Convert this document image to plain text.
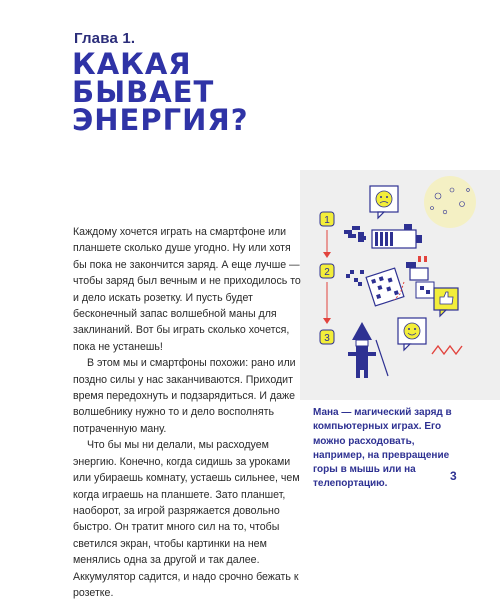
Глава 1.
КАКАЯ
БЫВАЕТ
ЭНЕРГИЯ?
1
2
3

Каждому хочется играть на смартфоне или планшете сколько душе угодно. Ну или хотя бы пока не закончится заряд. А еще лучше — чтобы заряд был вечным и не приходилось то и дело искать розетку. И пусть будет бесконечный запас волшебной маны для заклинаний. Вот бы играть сколько хочется, пока не устанешь!

В этом мы и смартфоны похожи: рано или поздно силы у нас заканчиваются. Приходит время передохнуть и подзарядиться. И даже волшебнику нужно то и дело восполнять потраченную ману.

Что бы мы ни делали, мы расходуем энергию. Конечно, когда сидишь за уроками или убираешь комнату, устаешь сильнее, чем когда играешь на планшете. Зато планшет, наоборот, за игрой разряжается довольно быстро. Он тратит много сил на то, чтобы светился экран, чтобы картинки на нем менялись одна за другой и так далее. Аккумулятор садится, и надо срочно бежать к розетке.

Мана — магический заряд в компьютерных играх. Его можно расходовать, например, на превращение горы в мышь или на телепортацию.
3
